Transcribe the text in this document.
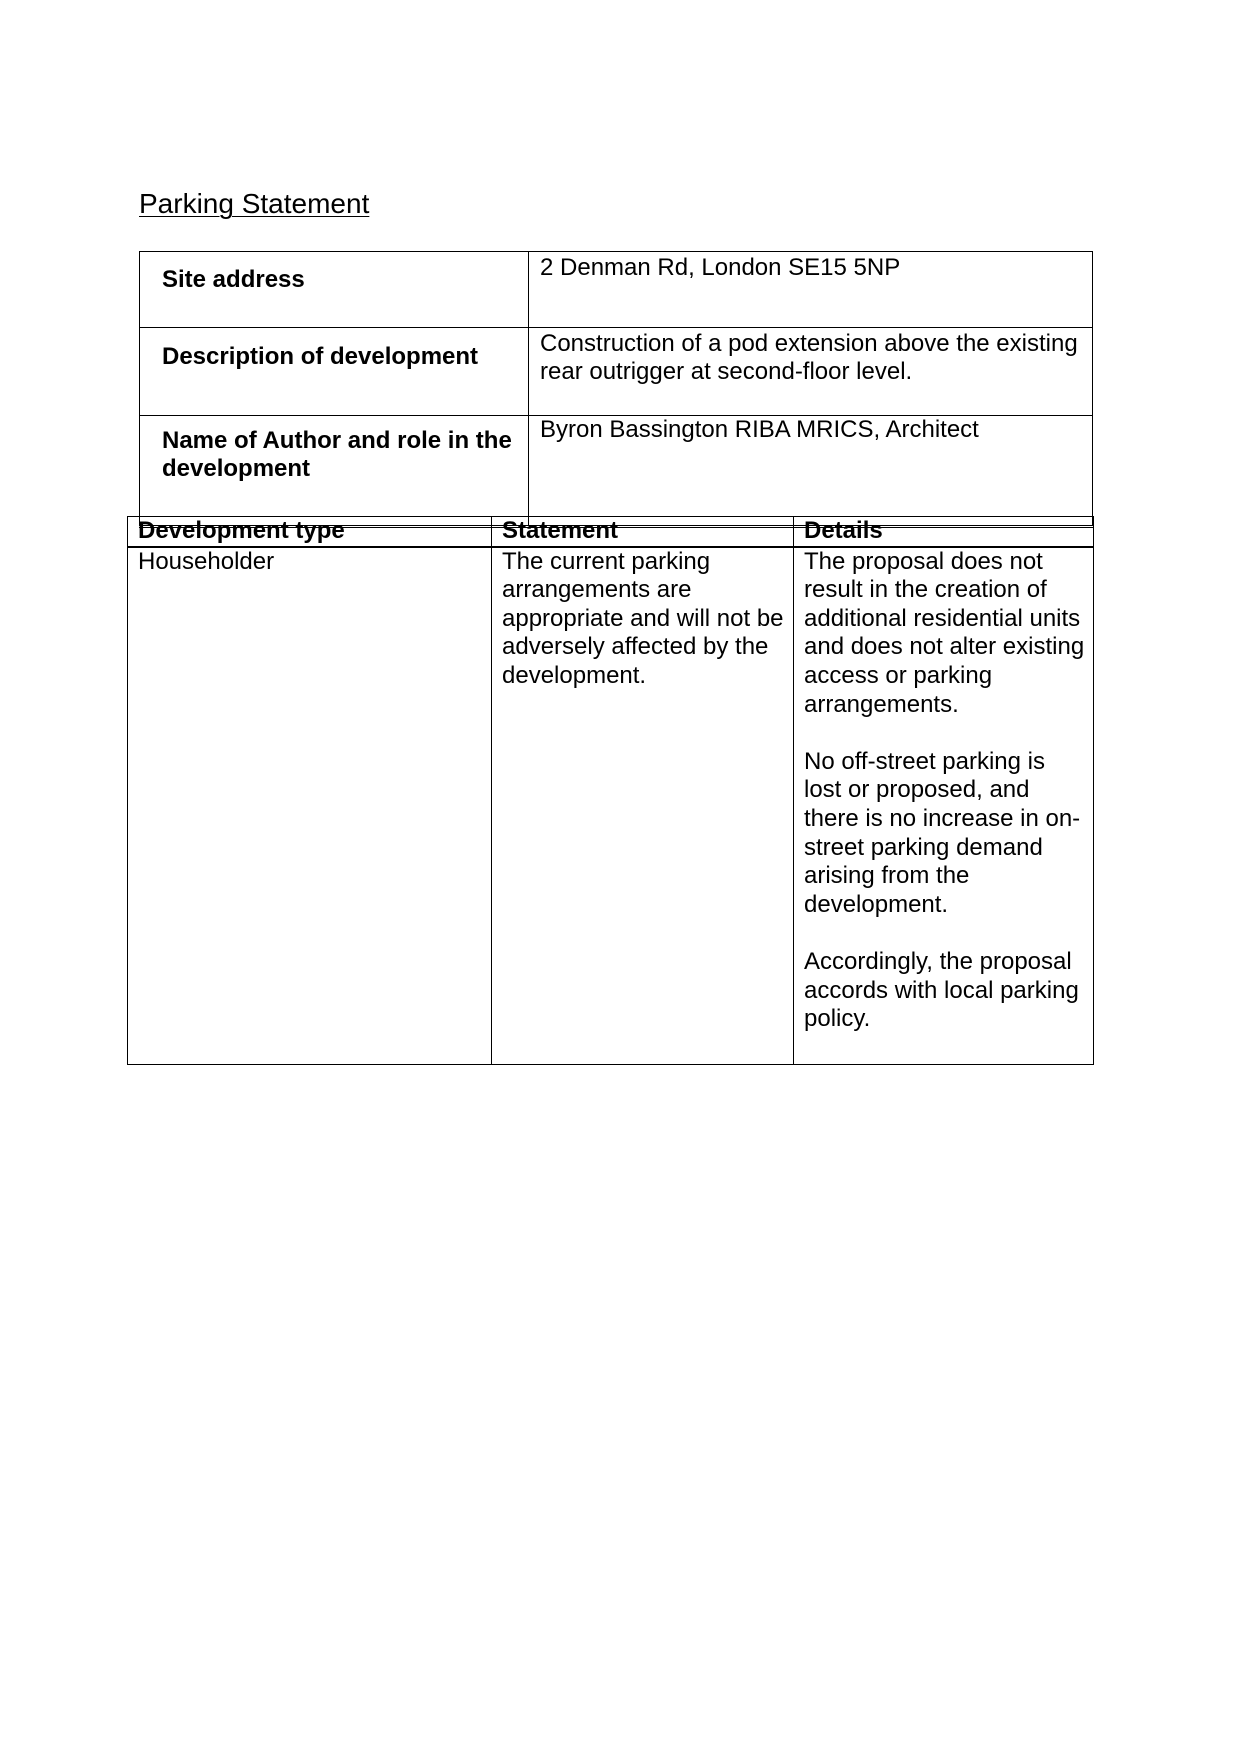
Parking Statement
Site address	2 Denman Rd, London SE15 5NP
Description of development	Construction of a pod extension above the existing rear outrigger at second-floor level.
Name of Author and role in the development	Byron Bassington RIBA MRICS, Architect
Development type	Statement	Details
Householder	The current parking arrangements are appropriate and will not be adversely affected by the development.	The proposal does not result in the creation of additional residential units and does not alter existing access or parking arrangements.

No off-street parking is lost or proposed, and there is no increase in on-street parking demand arising from the development.

Accordingly, the proposal accords with local parking policy.
